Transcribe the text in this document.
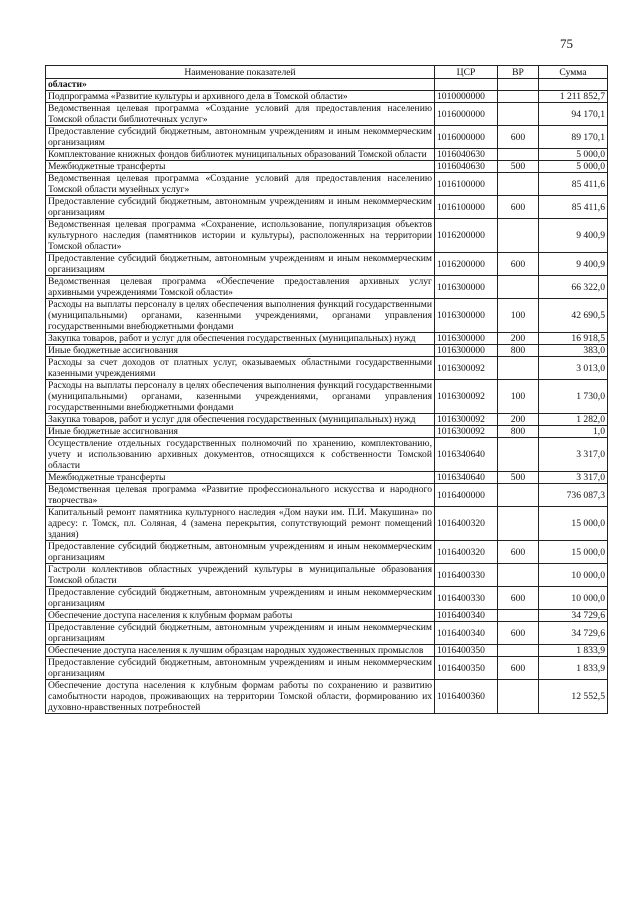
75
Наименование показателей	ЦСР	ВР	Сумма
области»			
Подпрограмма «Развитие культуры и архивного дела в Томской области»	1010000000		1 211 852,7
Ведомственная целевая программа «Создание условий для предоставления населению Томской области библиотечных услуг»	1016000000		94 170,1
Предоставление субсидий бюджетным, автономным учреждениям и иным некоммерческим организациям	1016000000	600	89 170,1
Комплектование книжных фондов библиотек муниципальных образований Томской области	1016040630		5 000,0
Межбюджетные трансферты	1016040630	500	5 000,0
Ведомственная целевая программа «Создание условий для предоставления населению Томской области музейных услуг»	1016100000		85 411,6
Предоставление субсидий бюджетным, автономным учреждениям и иным некоммерческим организациям	1016100000	600	85 411,6
Ведомственная целевая программа «Сохранение, использование, популяризация объектов культурного наследия (памятников истории и культуры), расположенных на территории Томской области»	1016200000		9 400,9
Предоставление субсидий бюджетным, автономным учреждениям и иным некоммерческим организациям	1016200000	600	9 400,9
Ведомственная целевая программа «Обеспечение предоставления архивных услуг архивными учреждениями Томской области»	1016300000		66 322,0
Расходы на выплаты персоналу в целях обеспечения выполнения функций государственными (муниципальными) органами, казенными учреждениями, органами управления государственными внебюджетными фондами	1016300000	100	42 690,5
Закупка товаров, работ и услуг для обеспечения государственных (муниципальных) нужд	1016300000	200	16 918,5
Иные бюджетные ассигнования	1016300000	800	383,0
Расходы за счет доходов от платных услуг, оказываемых областными государственными казенными учреждениями	1016300092		3 013,0
Расходы на выплаты персоналу в целях обеспечения выполнения функций государственными (муниципальными) органами, казенными учреждениями, органами управления государственными внебюджетными фондами	1016300092	100	1 730,0
Закупка товаров, работ и услуг для обеспечения государственных (муниципальных) нужд	1016300092	200	1 282,0
Иные бюджетные ассигнования	1016300092	800	1,0
Осуществление отдельных государственных полномочий по хранению, комплектованию, учету и использованию архивных документов, относящихся к собственности Томской области	1016340640		3 317,0
Межбюджетные трансферты	1016340640	500	3 317,0
Ведомственная целевая программа «Развитие профессионального искусства и народного творчества»	1016400000		736 087,3
Капитальный ремонт памятника культурного наследия «Дом науки им. П.И. Макушина» по адресу: г. Томск, пл. Соляная, 4 (замена перекрытия, сопутствующий ремонт помещений здания)	1016400320		15 000,0
Предоставление субсидий бюджетным, автономным учреждениям и иным некоммерческим организациям	1016400320	600	15 000,0
Гастроли коллективов областных учреждений культуры в муниципальные образования Томской области	1016400330		10 000,0
Предоставление субсидий бюджетным, автономным учреждениям и иным некоммерческим организациям	1016400330	600	10 000,0
Обеспечение доступа населения к клубным формам работы	1016400340		34 729,6
Предоставление субсидий бюджетным, автономным учреждениям и иным некоммерческим организациям	1016400340	600	34 729,6
Обеспечение доступа населения к лучшим образцам народных художественных промыслов	1016400350		1 833,9
Предоставление субсидий бюджетным, автономным учреждениям и иным некоммерческим организациям	1016400350	600	1 833,9
Обеспечение доступа населения к клубным формам работы по сохранению и развитию самобытности народов, проживающих на территории Томской области, формированию их духовно-нравственных потребностей	1016400360		12 552,5
